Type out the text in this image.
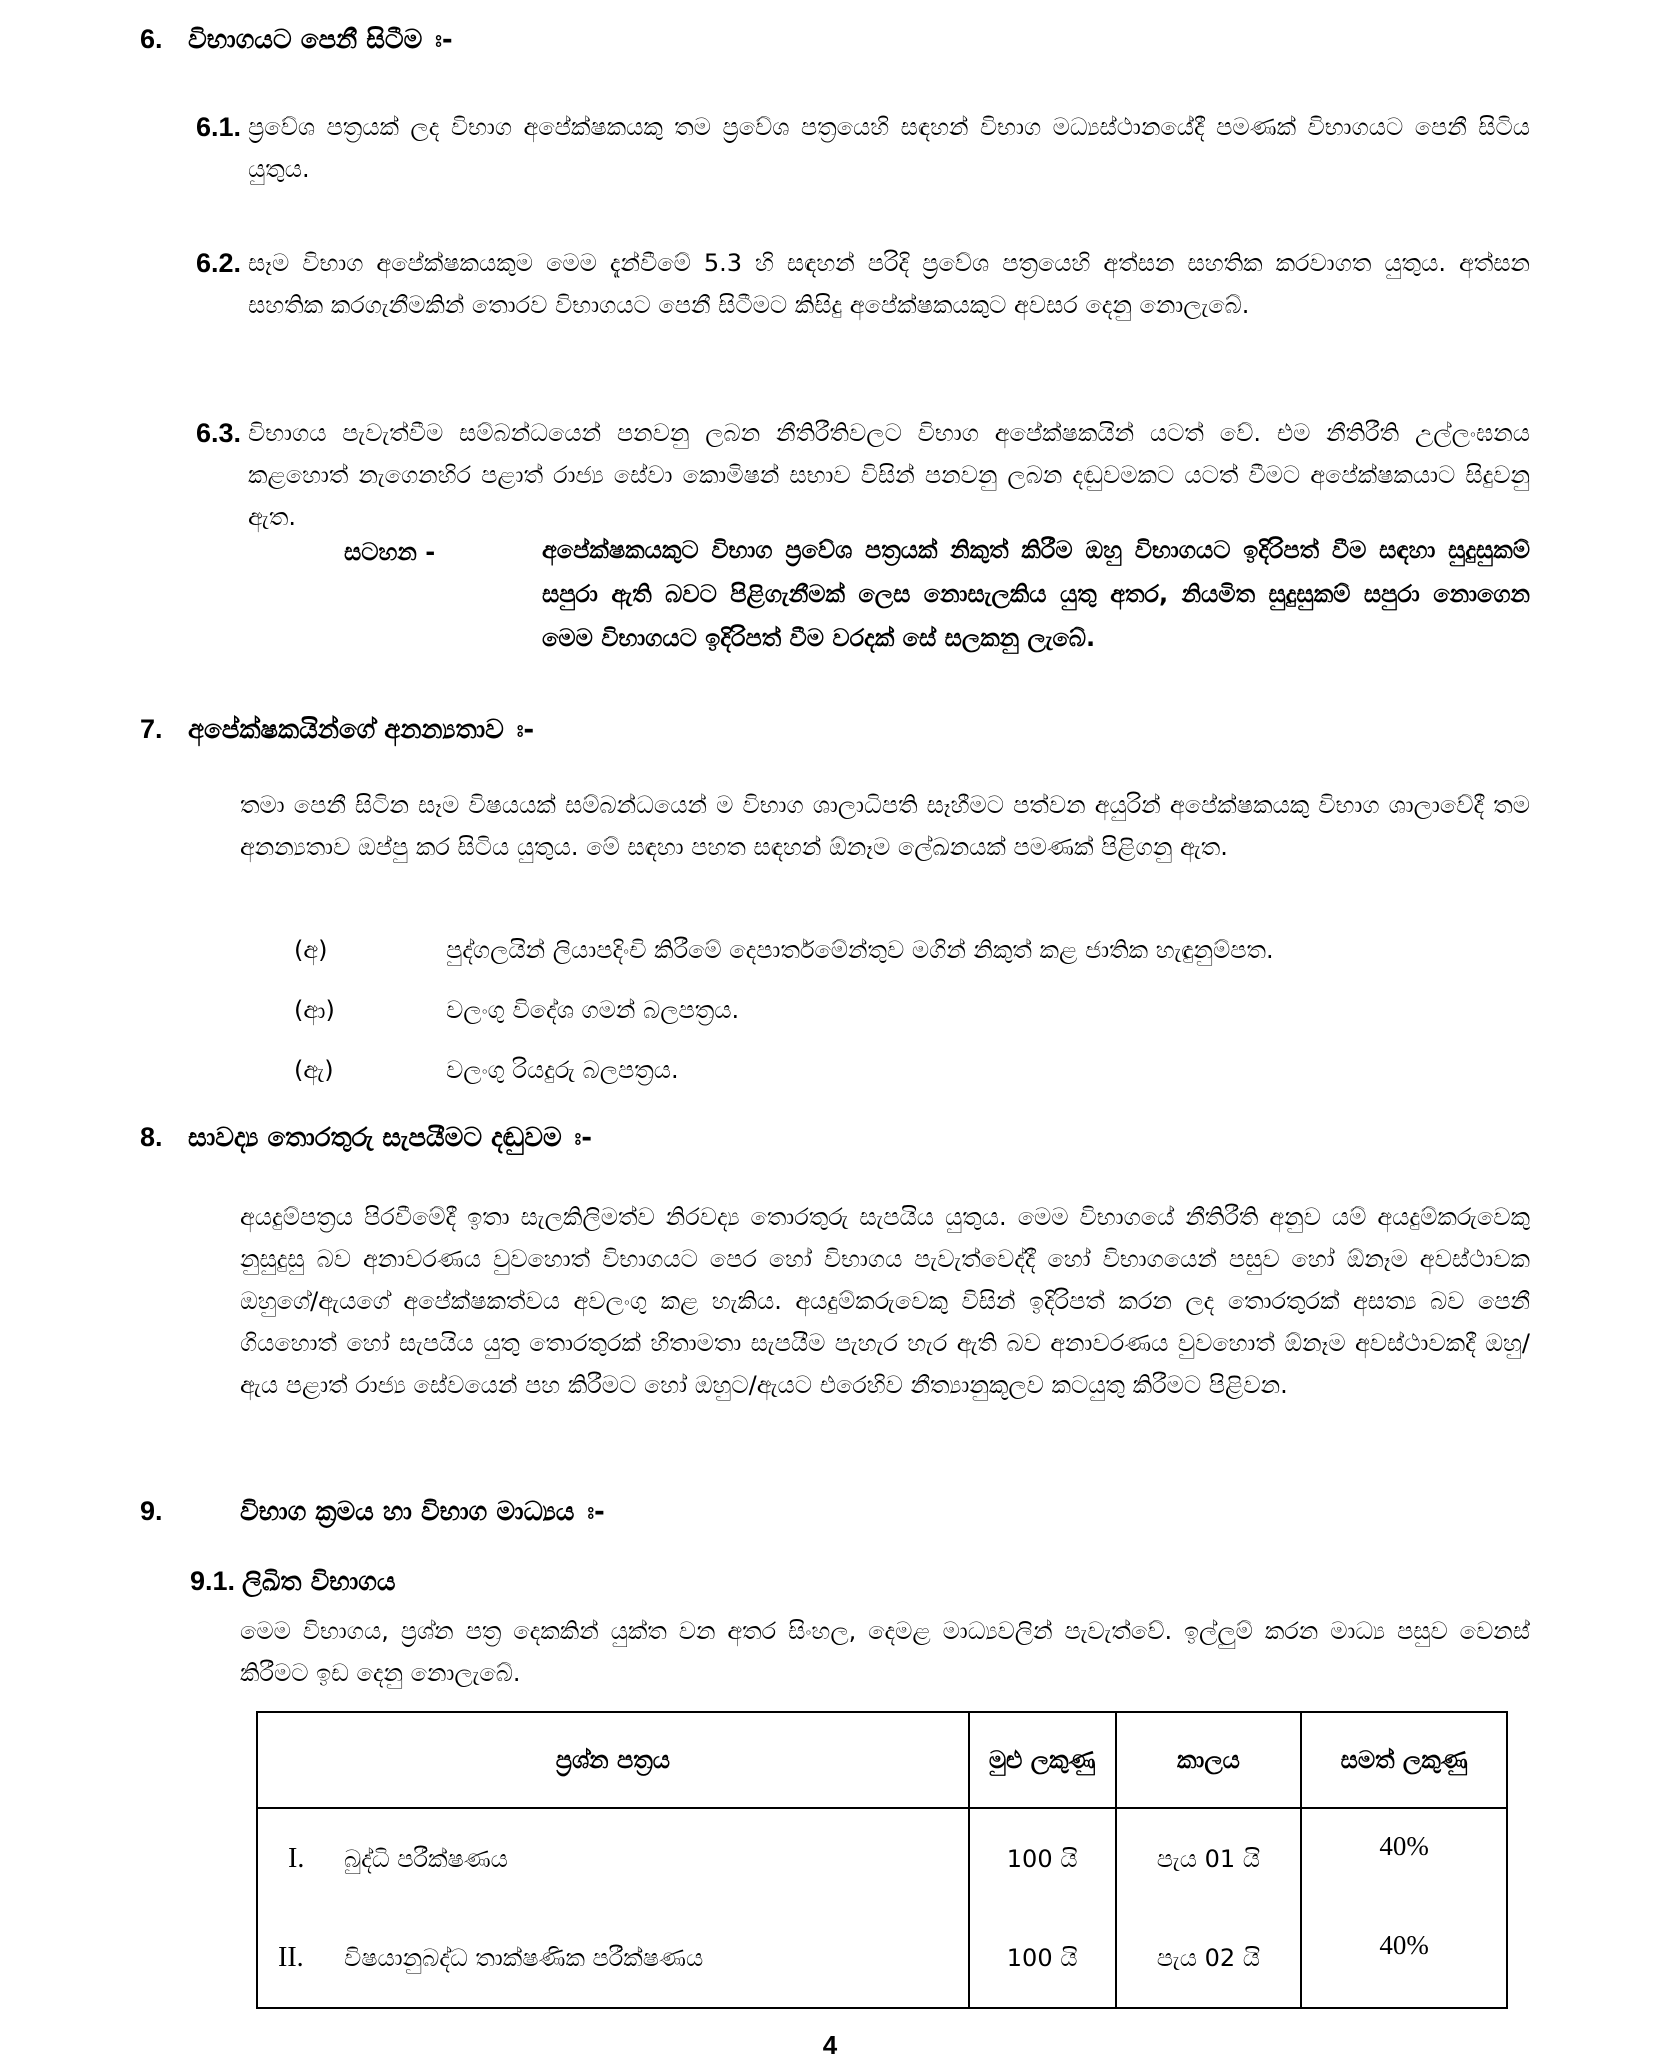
6. විභාගයට පෙනී සිටීම ඃ-
6.1. ප්‍රවේශ පත්‍රයක් ලද විභාග අපේක්ෂකයකු තම ප්‍රවේශ පත්‍රයෙහි සඳහන් විභාග මධ්‍යස්ථානයේදී පමණක් විභාගයට පෙනී සිටිය යුතුය.
6.2. සෑම විභාග අපේක්ෂකයකුම මෙම දැන්වීමේ 5.3 හි සඳහන් පරිදි ප්‍රවේශ පත්‍රයෙහි අත්සන සහතික කරවාගත යුතුය. අත්සන සහතික කරගැනීමකින් තොරව විභාගයට පෙනී සිටීමට කිසිදු අපේක්ෂකයකුට අවසර දෙනු නොලැබේ.
6.3. විභාගය පැවැත්වීම සම්බන්ධයෙන් පනවනු ලබන නීතිරීතිවලට විභාග අපේක්ෂකයින් යටත් වේ. එම නීතිරීති උල්ලංඝනය කළහොත් නැගෙනහිර පළාත් රාජ්‍ය සේවා කොමිෂන් සභාව විසින් පනවනු ලබන දඬුවමකට යටත් වීමට අපේක්ෂකයාට සිදුවනු ඇත.
සටහන -	අපේක්ෂකයකුට විභාග ප්‍රවේශ පත්‍රයක් නිකුත් කිරීම ඔහු විභාගයට ඉදිරිපත් වීම සඳහා සුදුසුකම් සපුරා ඇති බවට පිළිගැනීමක් ලෙස නොසැලකිය යුතු අතර, නියමිත සුදුසුකම් සපුරා නොගෙන මෙම විභාගයට ඉදිරිපත් වීම වරදක් සේ සලකනු ලැබේ.
7. අපේක්ෂකයින්ගේ අනන්‍යතාව ඃ-
තමා පෙනී සිටින සෑම විෂයයක් සම්බන්ධයෙන් ම විභාග ශාලාධිපති සෑහීමට පත්වන අයුරින් අපේක්ෂකයකු විභාග ශාලාවේදී තම අනන්‍යතාව ඔප්පු කර සිටිය යුතුය. මේ සඳහා පහත සඳහන් ඕනෑම ලේඛනයක් පමණක් පිළිගනු ඇත.
(අ)	පුද්ගලයින් ලියාපදිංචි කිරීමේ දෙපාර්තමේන්තුව මගින් නිකුත් කළ ජාතික හැඳුනුම්පත.
(ආ)	වලංගු විදේශ ගමන් බලපත්‍රය.
(ඇ)	වලංගු රියදුරු බලපත්‍රය.
8. සාවද්‍ය තොරතුරු සැපයීමට දඬුවම ඃ-
අයදුම්පත්‍රය පිරවීමේදී ඉතා සැලකිලිමත්ව නිරවද්‍ය තොරතුරු සැපයිය යුතුය. මෙම විභාගයේ නීතිරීති අනුව යම් අයදුම්කරුවෙකු නුසුදුසු බව අනාවරණය වුවහොත් විභාගයට පෙර හෝ විභාගය පැවැත්වෙද්දී හෝ විභාගයෙන් පසුව හෝ ඕනෑම අවස්ථාවක ඔහුගේ/ඇයගේ අපේක්ෂකත්වය අවලංගු කළ හැකිය. අයදුම්කරුවෙකු විසින් ඉදිරිපත් කරන ලද තොරතුරක් අසත්‍ය බව පෙනී ගියහොත් හෝ සැපයිය යුතු තොරතුරක් හිතාමතා සැපයීම පැහැර හැර ඇති බව අනාවරණය වුවහොත් ඕනෑම අවස්ථාවකදී ඔහු/ඇය පළාත් රාජ්‍ය සේවයෙන් පහ කිරීමට හෝ ඔහුට/ඇයට එරෙහිව නීත්‍යානුකූලව කටයුතු කිරීමට පිළිවන.
9.	විභාග ක්‍රමය හා විභාග මාධ්‍යය ඃ-
9.1. ලිඛිත විභාගය
මෙම විභාගය, ප්‍රශ්න පත්‍ර දෙකකින් යුක්ත වන අතර සිංහල, දෙමළ මාධ්‍යවලින් පැවැත්වේ. ඉල්ලුම් කරන මාධ්‍ය පසුව වෙනස් කිරීමට ඉඩ දෙනු නොලැබේ.
ප්‍රශ්න පත්‍රය	මුළු ලකුණු	කාලය	සමත් ලකුණු
I. බුද්ධි පරීක්ෂණය	100 යි	පැය 01 යි	40%
II. විෂයානුබද්ධ තාක්ෂණික පරීක්ෂණය	100 යි	පැය 02 යි	40%
4
